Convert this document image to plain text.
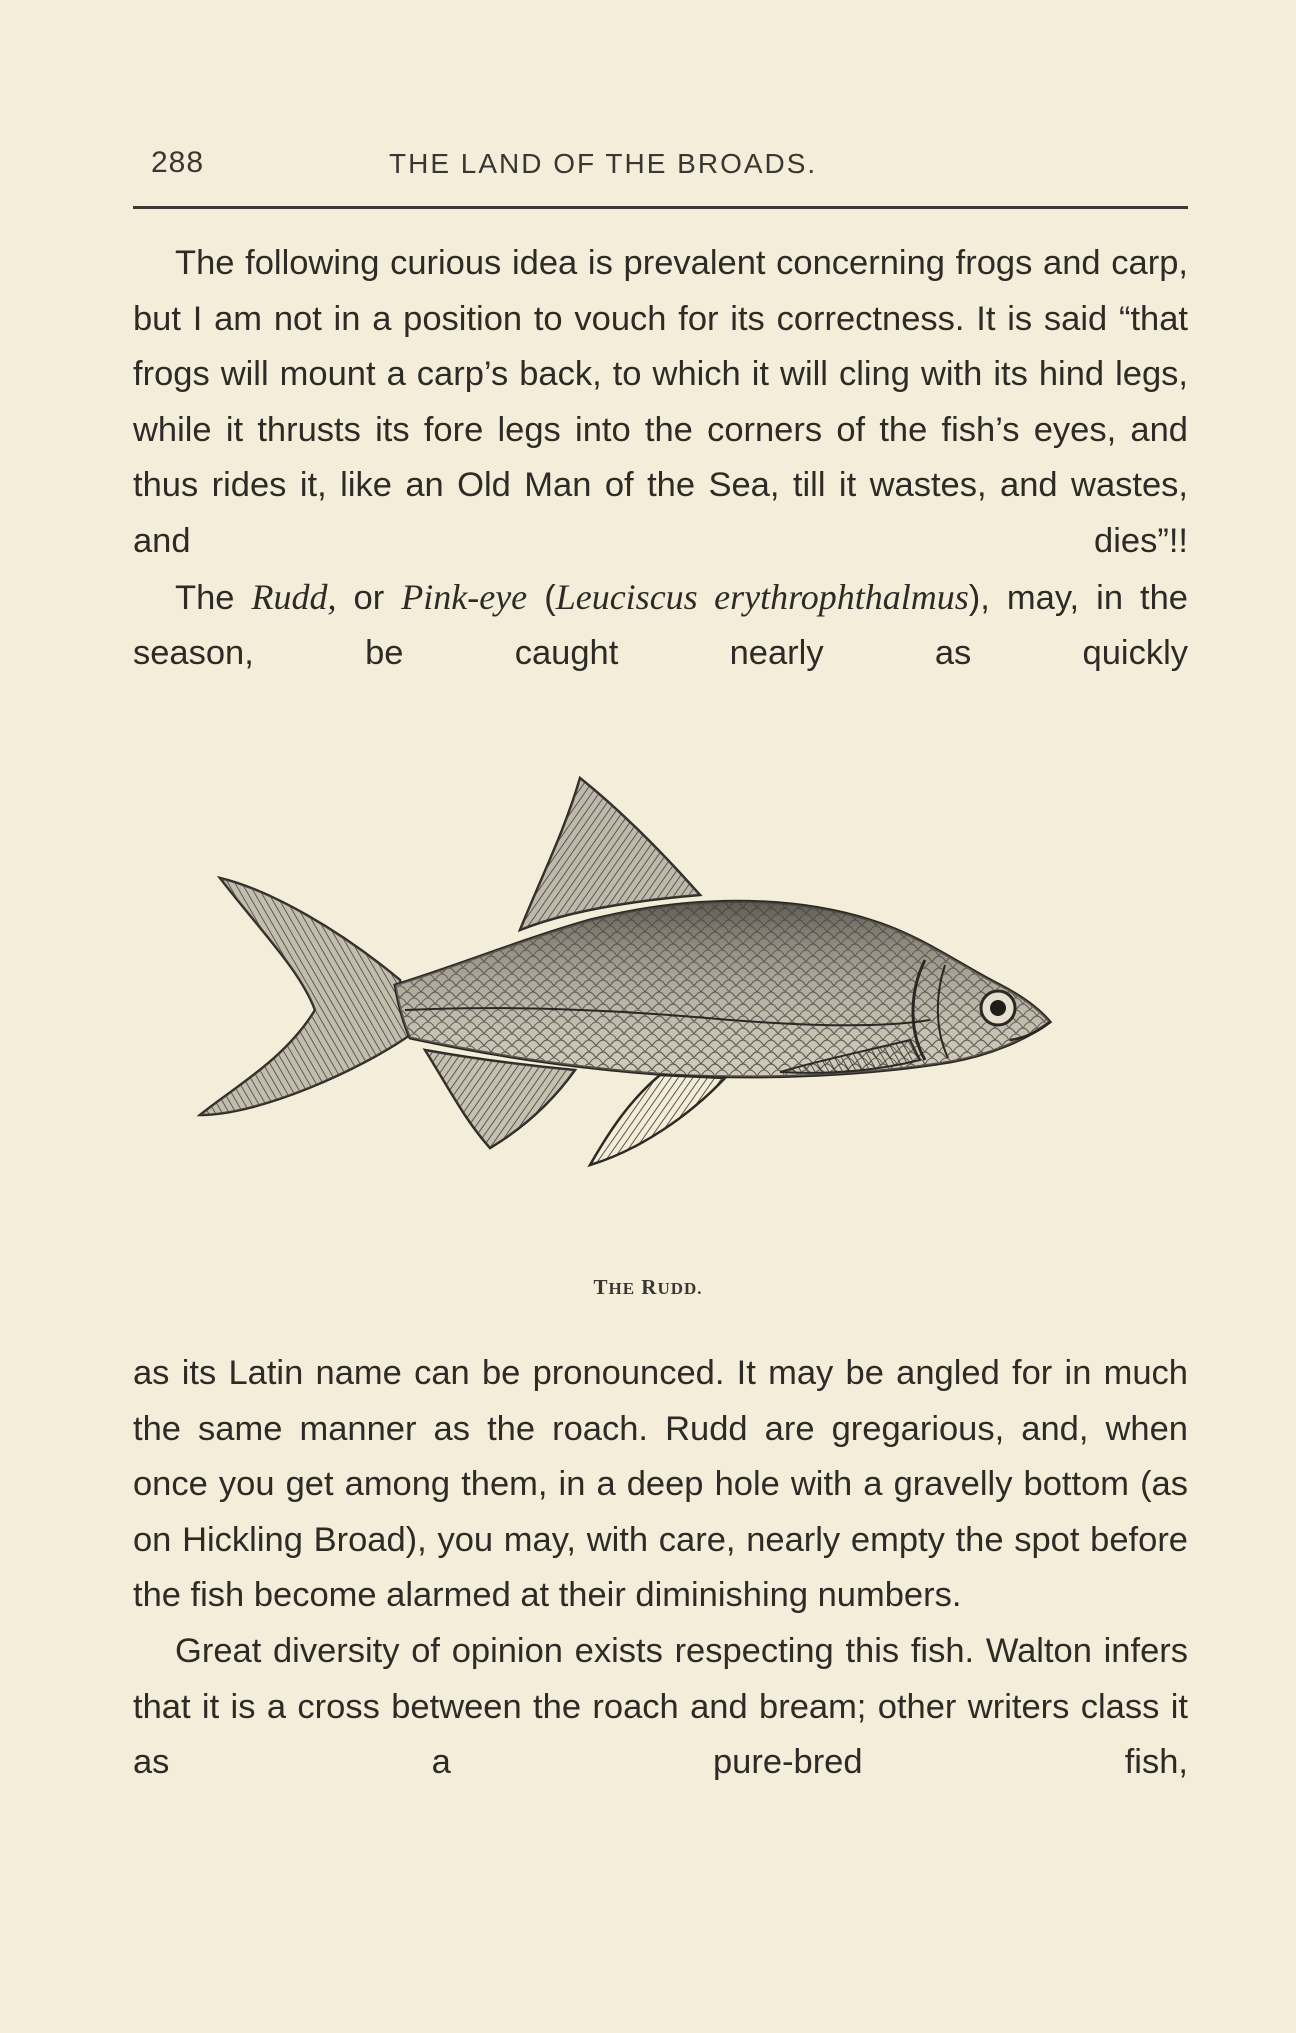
288	THE LAND OF THE BROADS.

The following curious idea is prevalent concerning frogs and carp, but I am not in a position to vouch for its correctness. It is said “that frogs will mount a carp’s back, to which it will cling with its hind legs, while it thrusts its fore legs into the corners of the fish’s eyes, and thus rides it, like an Old Man of the Sea, till it wastes, and wastes, and dies”!!

The Rudd, or Pink-eye (Leuciscus erythrophthalmus), may, in the season, be caught nearly as quickly

THE RUDD.

as its Latin name can be pronounced. It may be angled for in much the same manner as the roach. Rudd are gregarious, and, when once you get among them, in a deep hole with a gravelly bottom (as on Hickling Broad), you may, with care, nearly empty the spot before the fish become alarmed at their diminishing numbers.

Great diversity of opinion exists respecting this fish. Walton infers that it is a cross between the roach and bream; other writers class it as a pure-bred fish,
